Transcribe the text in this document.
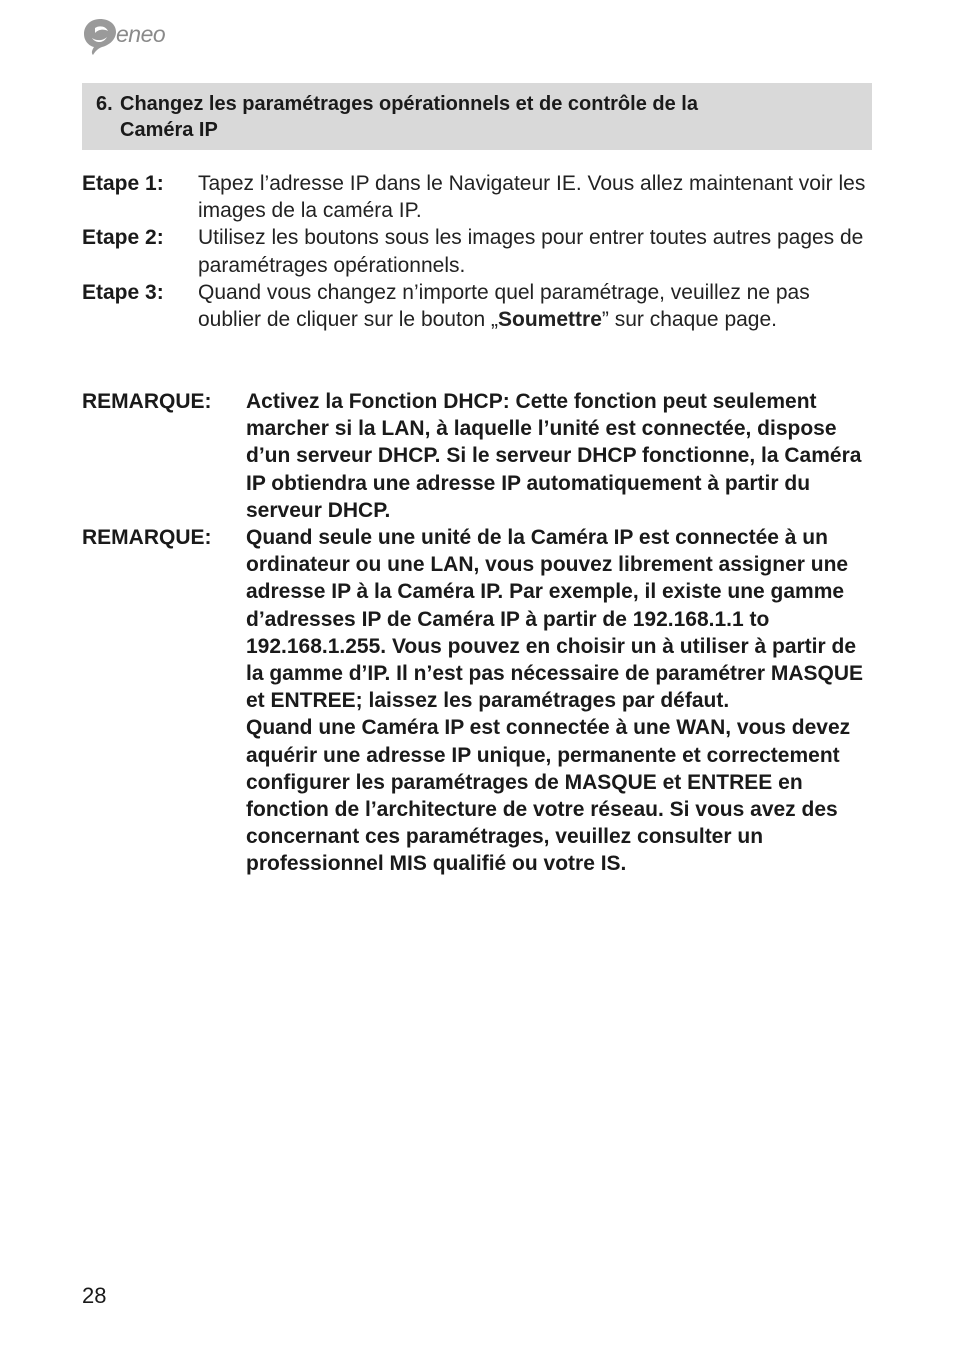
eneo
6. Changez les paramétrages opérationnels et de contrôle de la
Caméra IP
Etape 1:	Tapez l’adresse IP dans le Navigateur IE. Vous allez maintenant voir les images de la caméra IP.
Etape 2:	Utilisez les boutons sous les images pour entrer toutes autres pages de paramétrages opérationnels.
Etape 3:	Quand vous changez n’importe quel paramétrage, veuillez ne pas oublier de cliquer sur le bouton „Soumettre” sur chaque page.
REMARQUE:	Activez la Fonction DHCP: Cette fonction peut seulement marcher si la LAN, à laquelle l’unité est connectée, dispose d’un serveur DHCP. Si le serveur DHCP fonctionne, la Caméra IP obtiendra une adresse IP automatiquement à partir du serveur DHCP.
REMARQUE:	Quand seule une unité de la Caméra IP est connectée à un ordinateur ou une LAN, vous pouvez librement assigner une adresse IP à la Caméra IP. Par exemple, il existe une gamme d’adresses IP de Caméra IP à partir de 192.168.1.1 to 192.168.1.255. Vous pouvez en choisir un à utiliser à partir de la gamme d’IP. Il n’est pas nécessaire de paramétrer MASQUE et ENTREE; laissez les paramétrages par défaut.
Quand une Caméra IP est connectée à une WAN, vous devez aquérir une adresse IP unique, permanente et correctement configurer les paramétrages de MASQUE et ENTREE en fonction de l’architecture de votre réseau. Si vous avez des concernant ces paramétrages, veuillez consulter un professionnel MIS qualifié ou votre IS.
28
